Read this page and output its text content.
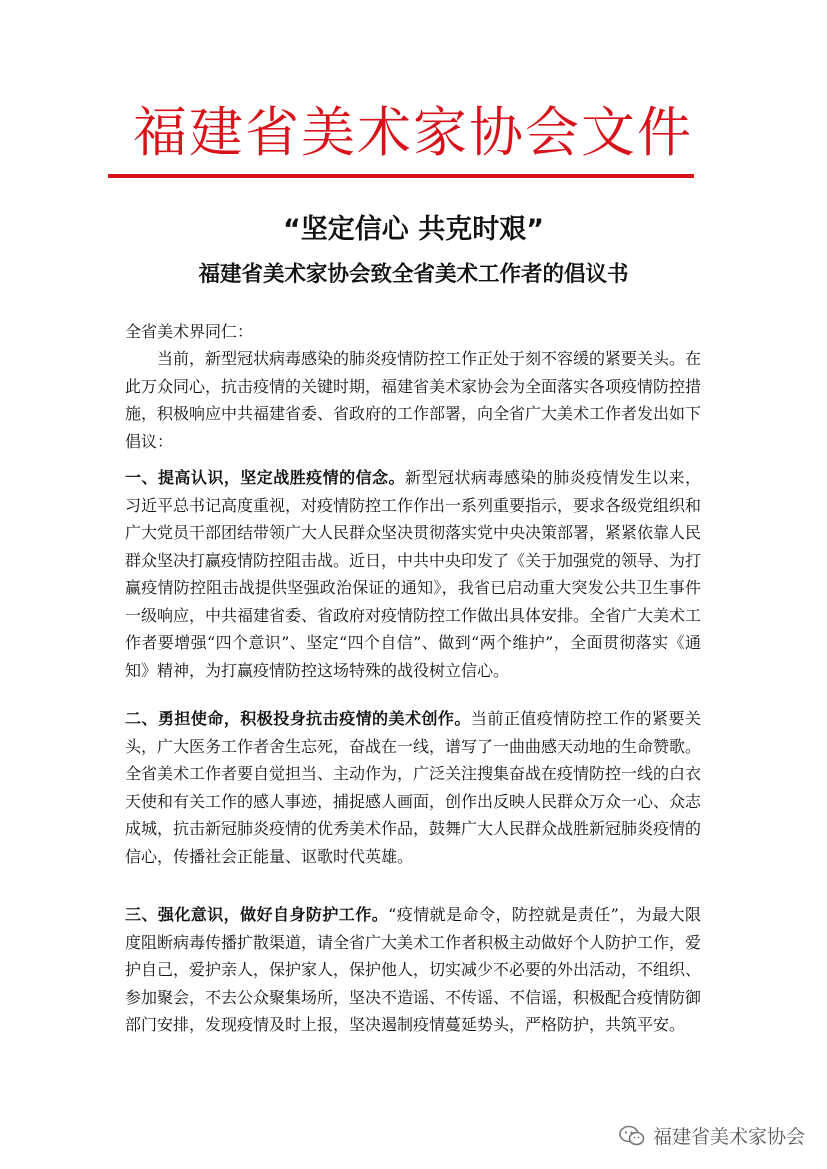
福建省美术家协会文件
“坚定信心 共克时艰”
福建省美术家协会致全省美术工作者的倡议书
全省美术界同仁：
当前，新型冠状病毒感染的肺炎疫情防控工作正处于刻不容缓的紧要关头。在此万众同心，抗击疫情的关键时期，福建省美术家协会为全面落实各项疫情防控措施，积极响应中共福建省委、省政府的工作部署，向全省广大美术工作者发出如下倡议：
一、提高认识，坚定战胜疫情的信念。新型冠状病毒感染的肺炎疫情发生以来，习近平总书记高度重视，对疫情防控工作作出一系列重要指示，要求各级党组织和广大党员干部团结带领广大人民群众坚决贯彻落实党中央决策部署，紧紧依靠人民群众坚决打赢疫情防控阻击战。近日，中共中央印发了《关于加强党的领导、为打赢疫情防控阻击战提供坚强政治保证的通知》，我省已启动重大突发公共卫生事件一级响应，中共福建省委、省政府对疫情防控工作做出具体安排。全省广大美术工作者要增强“四个意识”、坚定“四个自信”、做到“两个维护”，全面贯彻落实《通知》精神，为打赢疫情防控这场特殊的战役树立信心。
二、勇担使命，积极投身抗击疫情的美术创作。当前正值疫情防控工作的紧要关头，广大医务工作者舍生忘死，奋战在一线，谱写了一曲曲感天动地的生命赞歌。全省美术工作者要自觉担当、主动作为，广泛关注搜集奋战在疫情防控一线的白衣天使和有关工作的感人事迹，捕捉感人画面，创作出反映人民群众万众一心、众志成城，抗击新冠肺炎疫情的优秀美术作品，鼓舞广大人民群众战胜新冠肺炎疫情的信心，传播社会正能量、讴歌时代英雄。
三、强化意识，做好自身防护工作。“疫情就是命令，防控就是责任”，为最大限度阻断病毒传播扩散渠道，请全省广大美术工作者积极主动做好个人防护工作，爱护自己，爱护亲人，保护家人，保护他人，切实减少不必要的外出活动，不组织、参加聚会，不去公众聚集场所，坚决不造谣、不传谣、不信谣，积极配合疫情防御部门安排，发现疫情及时上报，坚决遏制疫情蔓延势头，严格防护，共筑平安。
福建省美术家协会
